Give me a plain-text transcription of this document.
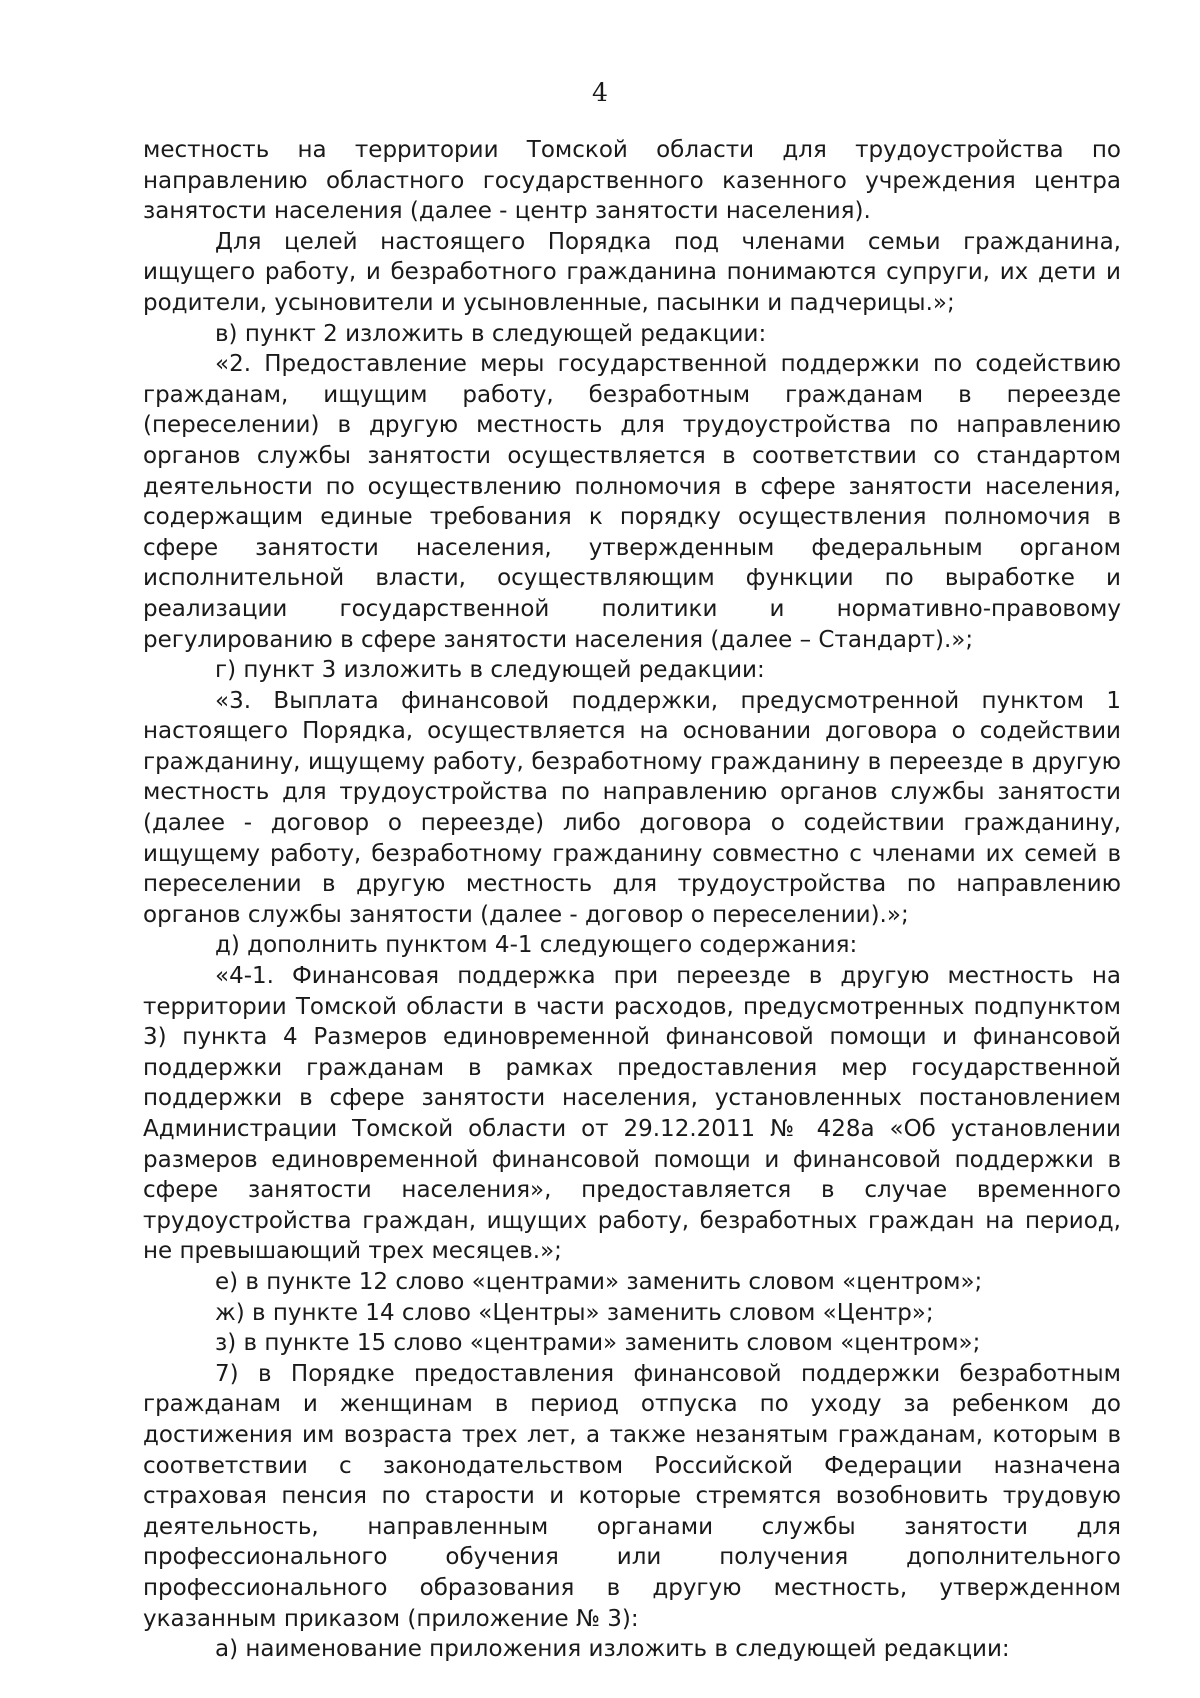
4

местность на территории Томской области для трудоустройства по направлению областного государственного казенного учреждения центра занятости населения (далее - центр занятости населения).

Для целей настоящего Порядка под членами семьи гражданина, ищущего работу, и безработного гражданина понимаются супруги, их дети и родители, усыновители и усыновленные, пасынки и падчерицы.»;

в) пункт 2 изложить в следующей редакции:

«2. Предоставление меры государственной поддержки по содействию гражданам, ищущим работу, безработным гражданам в переезде (переселении) в другую местность для трудоустройства по направлению органов службы занятости осуществляется в соответствии со стандартом деятельности по осуществлению полномочия в сфере занятости населения, содержащим единые требования к порядку осуществления полномочия в сфере занятости населения, утвержденным федеральным органом исполнительной власти, осуществляющим функции по выработке и реализации государственной политики и нормативно-правовому регулированию в сфере занятости населения (далее – Стандарт).»;

г) пункт 3 изложить в следующей редакции:

«3. Выплата финансовой поддержки, предусмотренной пунктом 1 настоящего Порядка, осуществляется на основании договора о содействии гражданину, ищущему работу, безработному гражданину в переезде в другую местность для трудоустройства по направлению органов службы занятости (далее - договор о переезде) либо договора о содействии гражданину, ищущему работу, безработному гражданину совместно с членами их семей в переселении в другую местность для трудоустройства по направлению органов службы занятости (далее - договор о переселении).»;

д) дополнить пунктом 4-1 следующего содержания:

«4-1. Финансовая поддержка при переезде в другую местность на территории Томской области в части расходов, предусмотренных подпунктом 3) пункта 4 Размеров единовременной финансовой помощи и финансовой поддержки гражданам в рамках предоставления мер государственной поддержки в сфере занятости населения, установленных постановлением Администрации Томской области от 29.12.2011 № 428а «Об установлении размеров единовременной финансовой помощи и финансовой поддержки в сфере занятости населения», предоставляется в случае временного трудоустройства граждан, ищущих работу, безработных граждан на период, не превышающий трех месяцев.»;

е) в пункте 12 слово «центрами» заменить словом «центром»;

ж) в пункте 14 слово «Центры» заменить словом «Центр»;

з) в пункте 15 слово «центрами» заменить словом «центром»;

7) в Порядке предоставления финансовой поддержки безработным гражданам и женщинам в период отпуска по уходу за ребенком до достижения им возраста трех лет, а также незанятым гражданам, которым в соответствии с законодательством Российской Федерации назначена страховая пенсия по старости и которые стремятся возобновить трудовую деятельность, направленным органами службы занятости для профессионального обучения или получения дополнительного профессионального образования в другую местность, утвержденном указанным приказом (приложение № 3):

а) наименование приложения изложить в следующей редакции:
